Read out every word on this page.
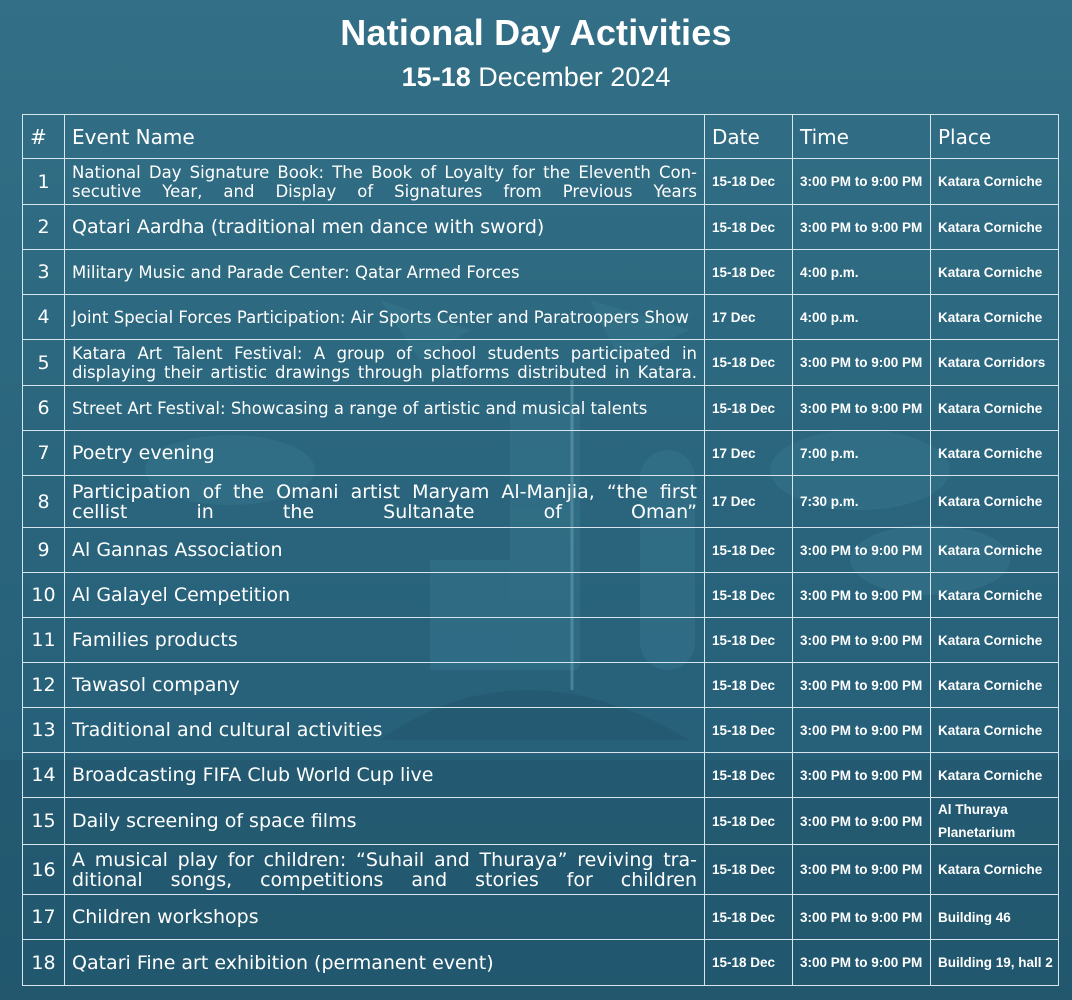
National Day Activities
15-18 December 2024
#	Event Name	Date	Time	Place
1	National Day Signature Book: The Book of Loyalty for the Eleventh Con-secutive Year, and Display of Signatures from Previous Years	15-18 Dec	3:00 PM to 9:00 PM	Katara Corniche
2	Qatari Aardha (traditional men dance with sword)	15-18 Dec	3:00 PM to 9:00 PM	Katara Corniche
3	Military Music and Parade Center: Qatar Armed Forces	15-18 Dec	4:00 p.m.	Katara Corniche
4	Joint Special Forces Participation: Air Sports Center and Paratroopers Show	17 Dec	4:00 p.m.	Katara Corniche
5	Katara Art Talent Festival: A group of school students participated in displaying their artistic drawings through platforms distributed in Katara.	15-18 Dec	3:00 PM to 9:00 PM	Katara Corridors
6	Street Art Festival: Showcasing a range of artistic and musical talents	15-18 Dec	3:00 PM to 9:00 PM	Katara Corniche
7	Poetry evening	17 Dec	7:00 p.m.	Katara Corniche
8	Participation of the Omani artist Maryam Al-Manjia, “the first cellist in the Sultanate of Oman”	17 Dec	7:30 p.m.	Katara Corniche
9	Al Gannas Association	15-18 Dec	3:00 PM to 9:00 PM	Katara Corniche
10	Al Galayel Cempetition	15-18 Dec	3:00 PM to 9:00 PM	Katara Corniche
11	Families products	15-18 Dec	3:00 PM to 9:00 PM	Katara Corniche
12	Tawasol company	15-18 Dec	3:00 PM to 9:00 PM	Katara Corniche
13	Traditional and cultural activities	15-18 Dec	3:00 PM to 9:00 PM	Katara Corniche
14	Broadcasting FIFA Club World Cup live	15-18 Dec	3:00 PM to 9:00 PM	Katara Corniche
15	Daily screening of space films	15-18 Dec	3:00 PM to 9:00 PM	Al Thuraya Planetarium
16	A musical play for children: “Suhail and Thuraya” reviving tra-ditional songs, competitions and stories for children	15-18 Dec	3:00 PM to 9:00 PM	Katara Corniche
17	Children workshops	15-18 Dec	3:00 PM to 9:00 PM	Building 46
18	Qatari Fine art exhibition (permanent event)	15-18 Dec	3:00 PM to 9:00 PM	Building 19, hall 2
